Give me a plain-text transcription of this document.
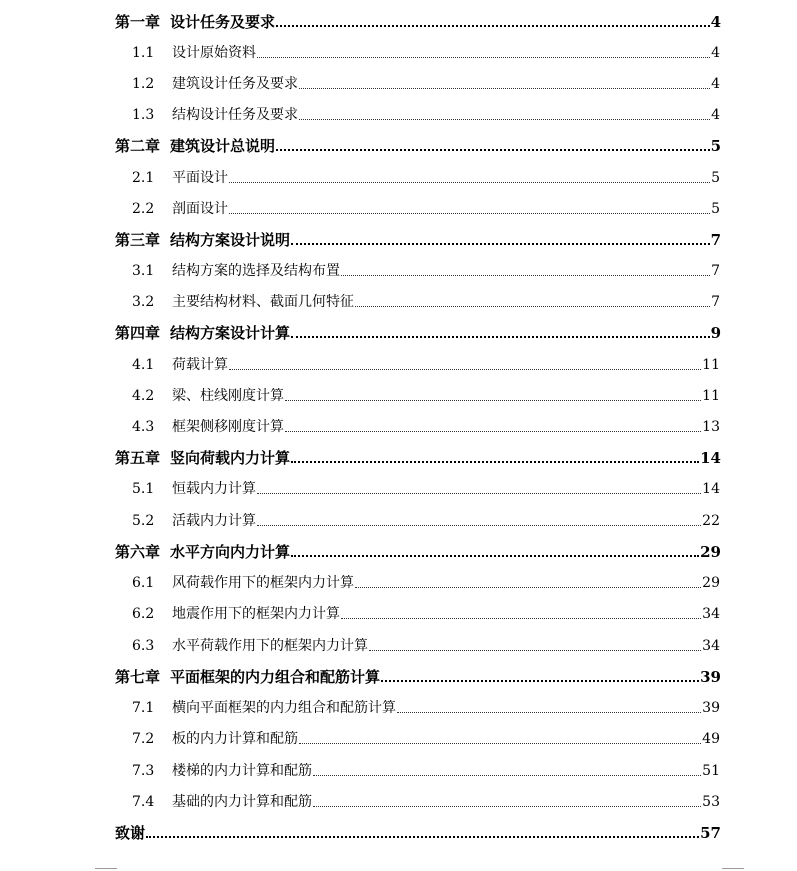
第一章 设计任务及要求	4
1.1	设计原始资料	4
1.2	建筑设计任务及要求	4
1.3	结构设计任务及要求	4
第二章 建筑设计总说明	5
2.1	平面设计	5
2.2	剖面设计	5
第三章 结构方案设计说明	7
3.1	结构方案的选择及结构布置	7
3.2	主要结构材料、截面几何特征	7
第四章 结构方案设计计算	9
4.1	荷载计算	11
4.2	梁、柱线刚度计算	11
4.3	框架侧移刚度计算	13
第五章 竖向荷载内力计算	14
5.1	恒载内力计算	14
5.2	活载内力计算	22
第六章 水平方向内力计算	29
6.1	风荷载作用下的框架内力计算	29
6.2	地震作用下的框架内力计算	34
6.3	水平荷载作用下的框架内力计算	34
第七章 平面框架的内力组合和配筋计算	39
7.1	横向平面框架的内力组合和配筋计算	39
7.2	板的内力计算和配筋	49
7.3	楼梯的内力计算和配筋	51
7.4	基础的内力计算和配筋	53
致谢	57
